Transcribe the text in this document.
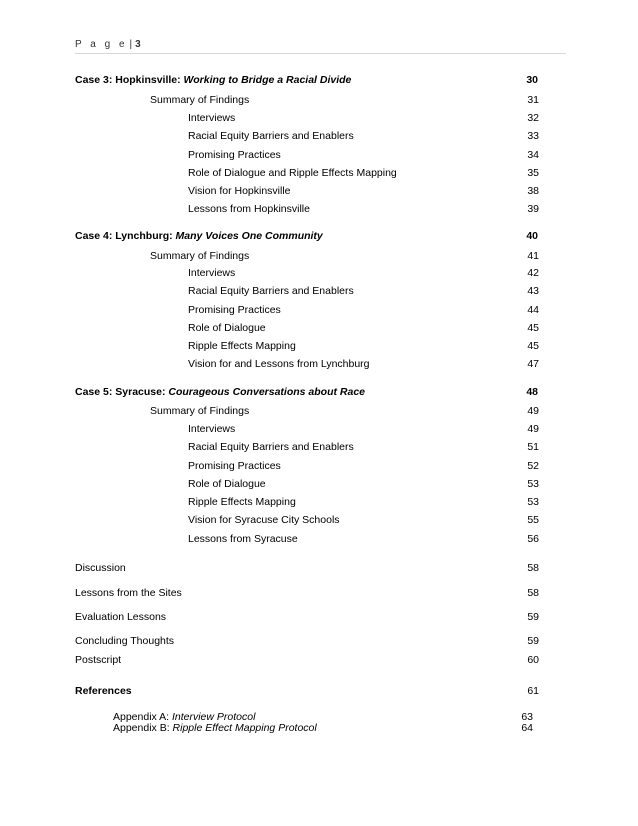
P a g e | 3
Case 3: Hopkinsville: Working to Bridge a Racial Divide	30
Summary of Findings	31
Interviews	32
Racial Equity Barriers and Enablers	33
Promising Practices	34
Role of Dialogue and Ripple Effects Mapping	35
Vision for Hopkinsville	38
Lessons from Hopkinsville	39
Case 4: Lynchburg: Many Voices One Community	40
Summary of Findings	41
Interviews	42
Racial Equity Barriers and Enablers	43
Promising Practices	44
Role of Dialogue	45
Ripple Effects Mapping	45
Vision for and Lessons from Lynchburg	47
Case 5: Syracuse: Courageous Conversations about Race	48
Summary of Findings	49
Interviews	49
Racial Equity Barriers and Enablers	51
Promising Practices	52
Role of Dialogue	53
Ripple Effects Mapping	53
Vision for Syracuse City Schools	55
Lessons from Syracuse	56
Discussion	58
Lessons from the Sites	58
Evaluation Lessons	59
Concluding Thoughts	59
Postscript	60
References	61
Appendix A: Interview Protocol	63
Appendix B: Ripple Effect Mapping Protocol	64
